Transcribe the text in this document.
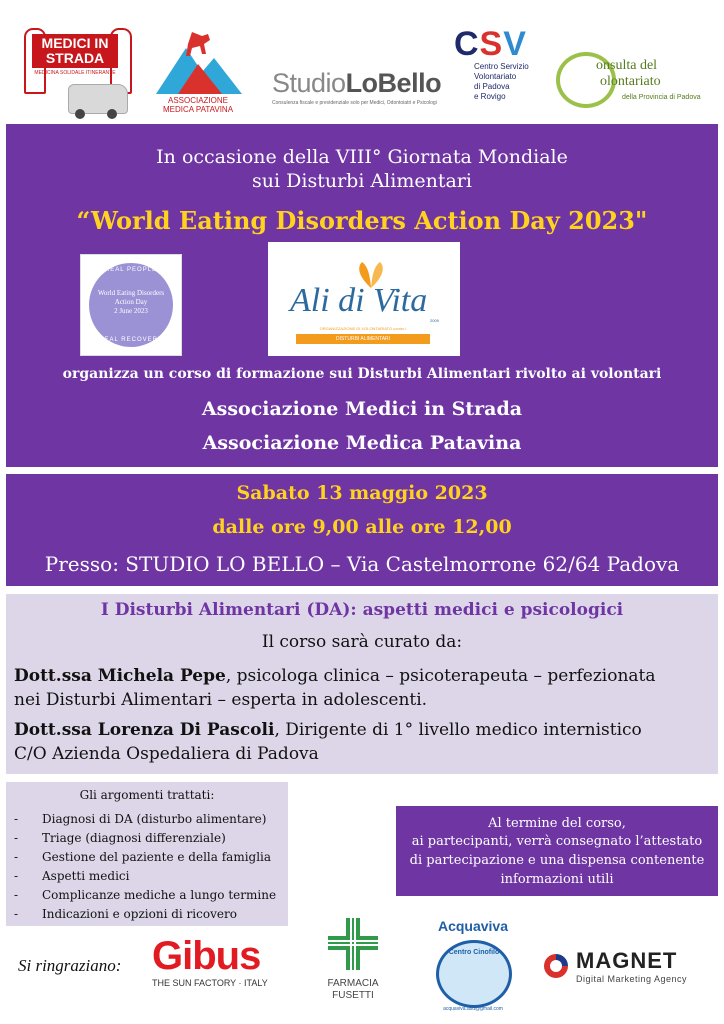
MEDICI IN STRADA
MEDICINA SOLIDALE ITINERANTE
ASSOCIAZIONE
MEDICA PATAVINA
StudioLoBello
Consulenza fiscale e previdenziale solo per Medici, Odontoiatri e Psicologi
CSV
Centro Servizio
Volontariato
di Padova
e Rovigo
onsulta del
olontariato
della Provincia di Padova
In occasione della VIII° Giornata Mondiale
sui Disturbi Alimentari
“World Eating Disorders Action Day 2023"
REAL PEOPLE
World Eating Disorders
Action Day
2 June 2023
REAL RECOVERY
Ali di Vita
ORGANIZZAZIONE DI VOLONTARIATO contro i
DISTURBI ALIMENTARI
2009
organizza un corso di formazione sui Disturbi Alimentari rivolto ai volontari
Associazione Medici in Strada
Associazione Medica Patavina
Sabato 13 maggio 2023
dalle ore 9,00 alle ore 12,00
Presso: STUDIO LO BELLO – Via Castelmorrone 62/64 Padova
I Disturbi Alimentari (DA): aspetti medici e psicologici
Il corso sarà curato da:
Dott.ssa Michela Pepe, psicologa clinica – psicoterapeuta – perfezionata
nei Disturbi Alimentari – esperta in adolescenti.
Dott.ssa Lorenza Di Pascoli, Dirigente di 1° livello medico internistico
C/O Azienda Ospedaliera di Padova
Gli argomenti trattati:
- Diagnosi di DA (disturbo alimentare)
- Triage (diagnosi differenziale)
- Gestione del paziente e della famiglia
- Aspetti medici
- Complicanze mediche a lungo termine
- Indicazioni e opzioni di ricovero
Al termine del corso,
ai partecipanti, verrà consegnato l’attestato
di partecipazione e una dispensa contenente
informazioni utili
Si ringraziano: Gibus
THE SUN FACTORY · ITALY	FARMACIA
FUSETTI
Acquaviva
Centro Cinofilo
acquaviva.asd@gmail.com
MAGNET
Digital Marketing Agency
